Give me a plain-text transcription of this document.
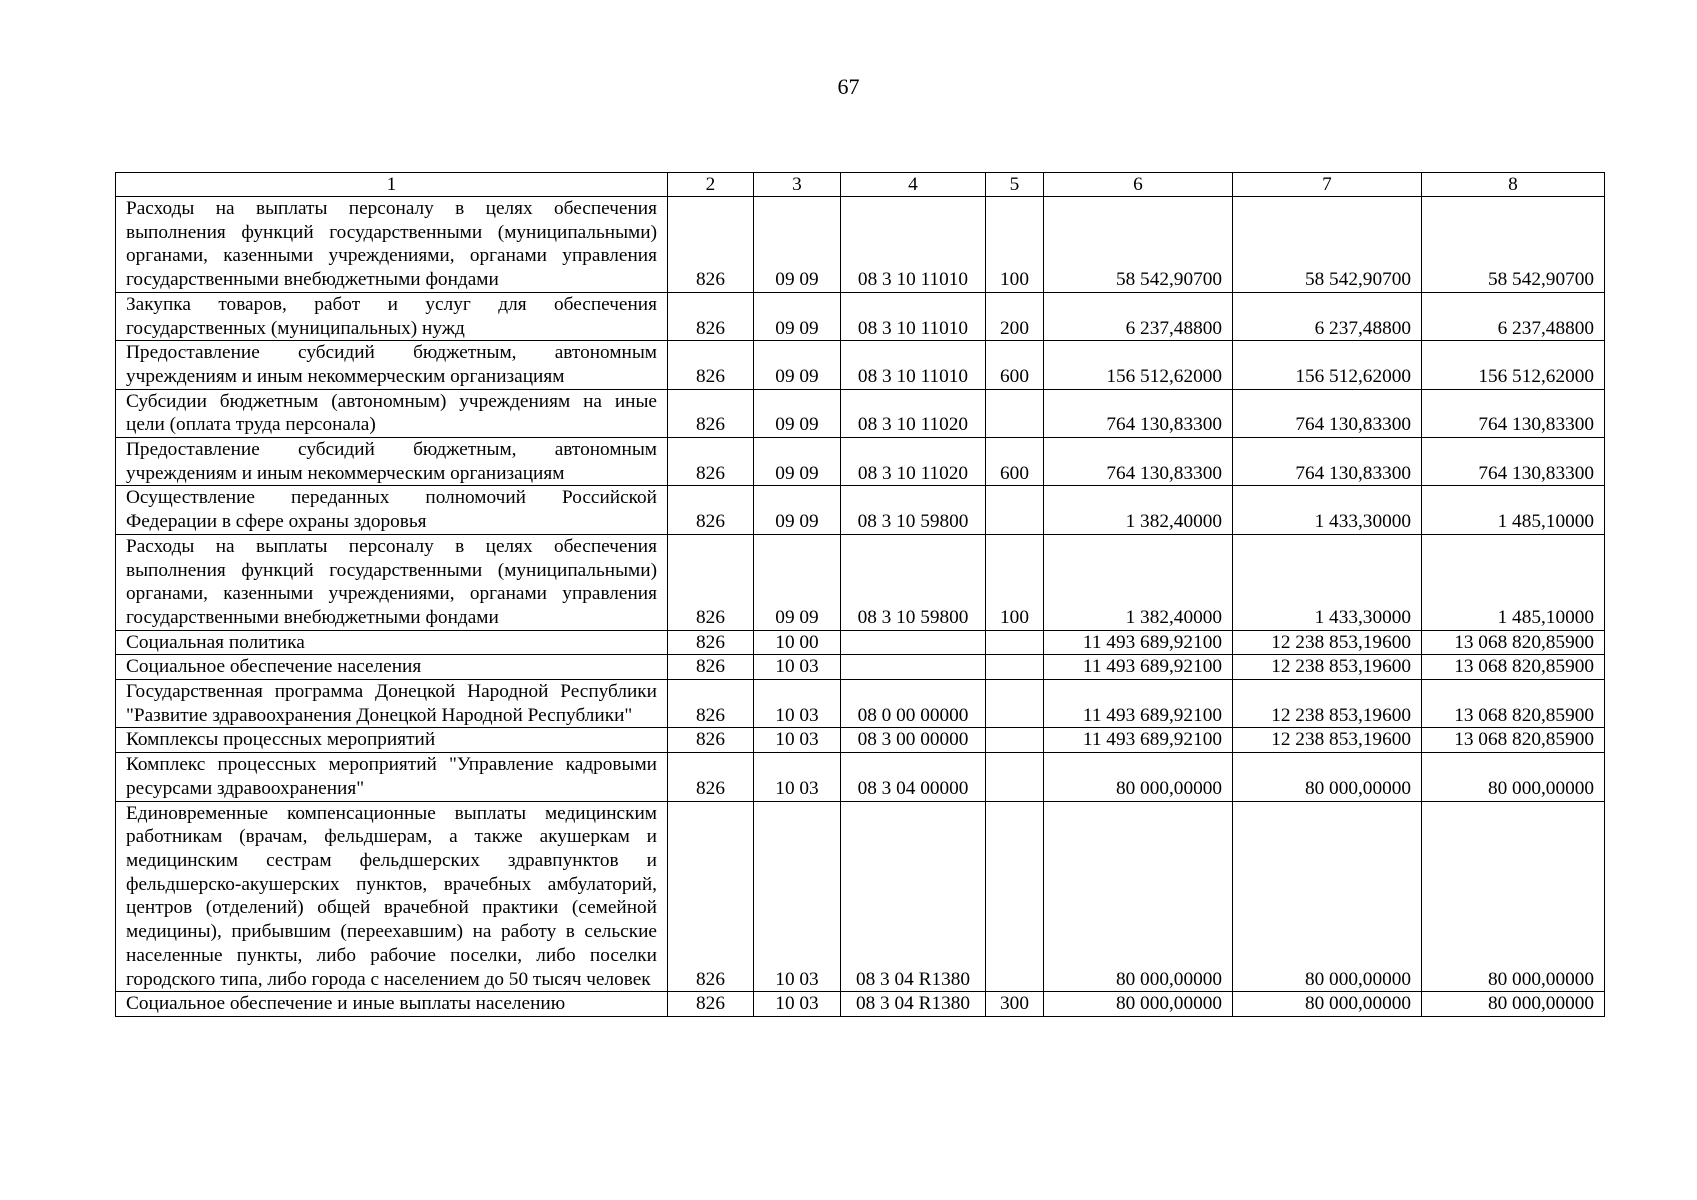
67
1	2	3	4	5	6	7	8
Расходы на выплаты персоналу в целях обеспечения выполнения функций государственными (муниципальными) органами, казенными учреждениями, органами управления государственными внебюджетными фондами	826	09 09	08 3 10 11010	100	58 542,90700	58 542,90700	58 542,90700
Закупка товаров, работ и услуг для обеспечения государственных (муниципальных) нужд	826	09 09	08 3 10 11010	200	6 237,48800	6 237,48800	6 237,48800
Предоставление субсидий бюджетным, автономным учреждениям и иным некоммерческим организациям	826	09 09	08 3 10 11010	600	156 512,62000	156 512,62000	156 512,62000
Субсидии бюджетным (автономным) учреждениям на иные цели (оплата труда персонала)	826	09 09	08 3 10 11020		764 130,83300	764 130,83300	764 130,83300
Предоставление субсидий бюджетным, автономным учреждениям и иным некоммерческим организациям	826	09 09	08 3 10 11020	600	764 130,83300	764 130,83300	764 130,83300
Осуществление переданных полномочий Российской Федерации в сфере охраны здоровья	826	09 09	08 3 10 59800		1 382,40000	1 433,30000	1 485,10000
Расходы на выплаты персоналу в целях обеспечения выполнения функций государственными (муниципальными) органами, казенными учреждениями, органами управления государственными внебюджетными фондами	826	09 09	08 3 10 59800	100	1 382,40000	1 433,30000	1 485,10000
Социальная политика	826	10 00			11 493 689,92100	12 238 853,19600	13 068 820,85900
Социальное обеспечение населения	826	10 03			11 493 689,92100	12 238 853,19600	13 068 820,85900
Государственная программа Донецкой Народной Республики "Развитие здравоохранения Донецкой Народной Республики"	826	10 03	08 0 00 00000		11 493 689,92100	12 238 853,19600	13 068 820,85900
Комплексы процессных мероприятий	826	10 03	08 3 00 00000		11 493 689,92100	12 238 853,19600	13 068 820,85900
Комплекс процессных мероприятий "Управление кадровыми ресурсами здравоохранения"	826	10 03	08 3 04 00000		80 000,00000	80 000,00000	80 000,00000
Единовременные компенсационные выплаты медицинским работникам (врачам, фельдшерам, а также акушеркам и медицинским сестрам фельдшерских здравпунктов и фельдшерско-акушерских пунктов, врачебных амбулаторий, центров (отделений) общей врачебной практики (семейной медицины), прибывшим (переехавшим) на работу в сельские населенные пункты, либо рабочие поселки, либо поселки городского типа, либо города с населением до 50 тысяч человек	826	10 03	08 3 04 R1380		80 000,00000	80 000,00000	80 000,00000
Социальное обеспечение и иные выплаты населению	826	10 03	08 3 04 R1380	300	80 000,00000	80 000,00000	80 000,00000
